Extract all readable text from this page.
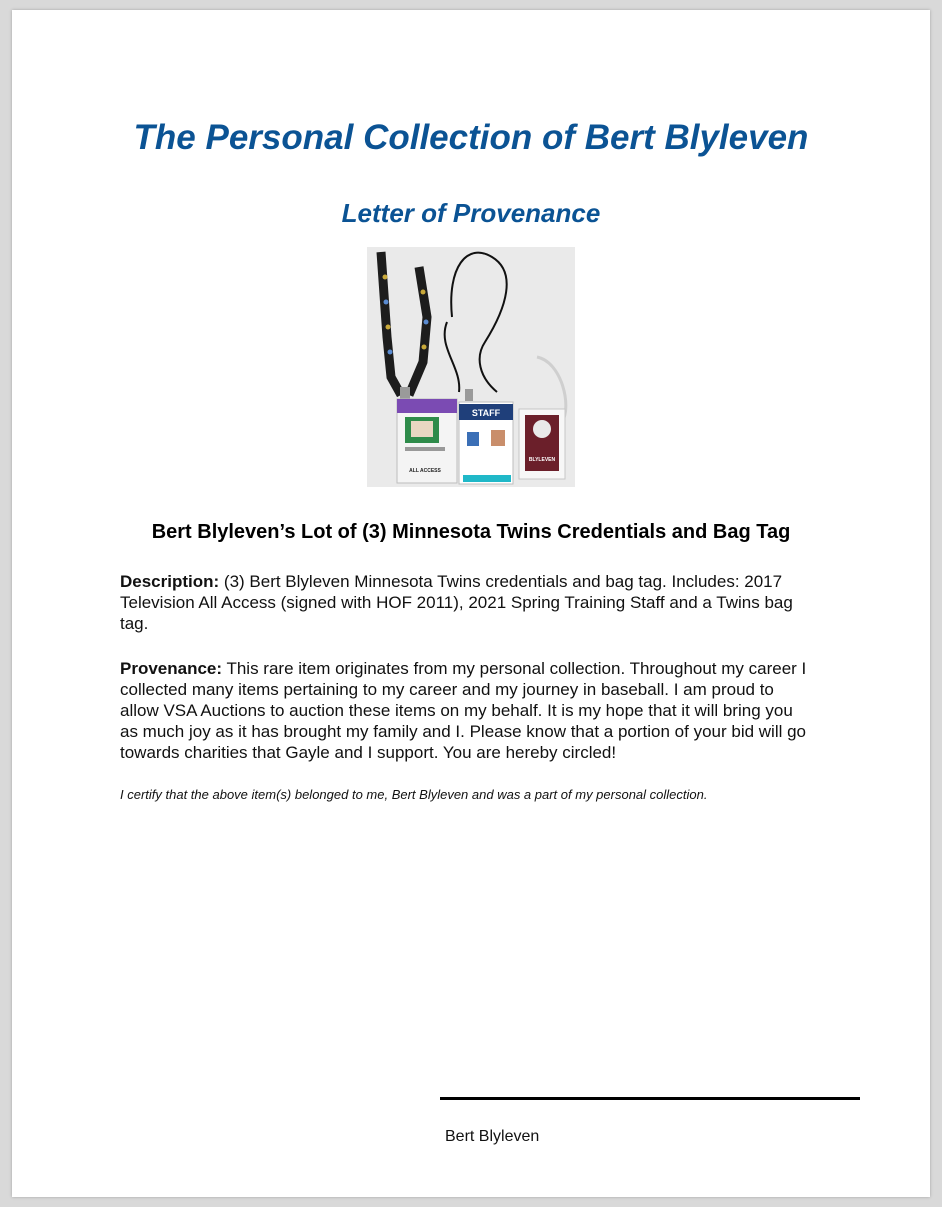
The Personal Collection of Bert Blyleven
Letter of Provenance
ALL ACCESS
STAFF
BLYLEVEN
Bert Blyleven’s Lot of (3) Minnesota Twins Credentials and Bag Tag

Description: (3) Bert Blyleven Minnesota Twins credentials and bag tag. Includes: 2017 Television All Access (signed with HOF 2011), 2021 Spring Training Staff and a Twins bag tag.

Provenance: This rare item originates from my personal collection. Throughout my career I collected many items pertaining to my career and my journey in baseball. I am proud to allow VSA Auctions to auction these items on my behalf. It is my hope that it will bring you as much joy as it has brought my family and I. Please know that a portion of your bid will go towards charities that Gayle and I support. You are hereby circled!

I certify that the above item(s) belonged to me, Bert Blyleven and was a part of my personal collection.

Bert Blyleven
